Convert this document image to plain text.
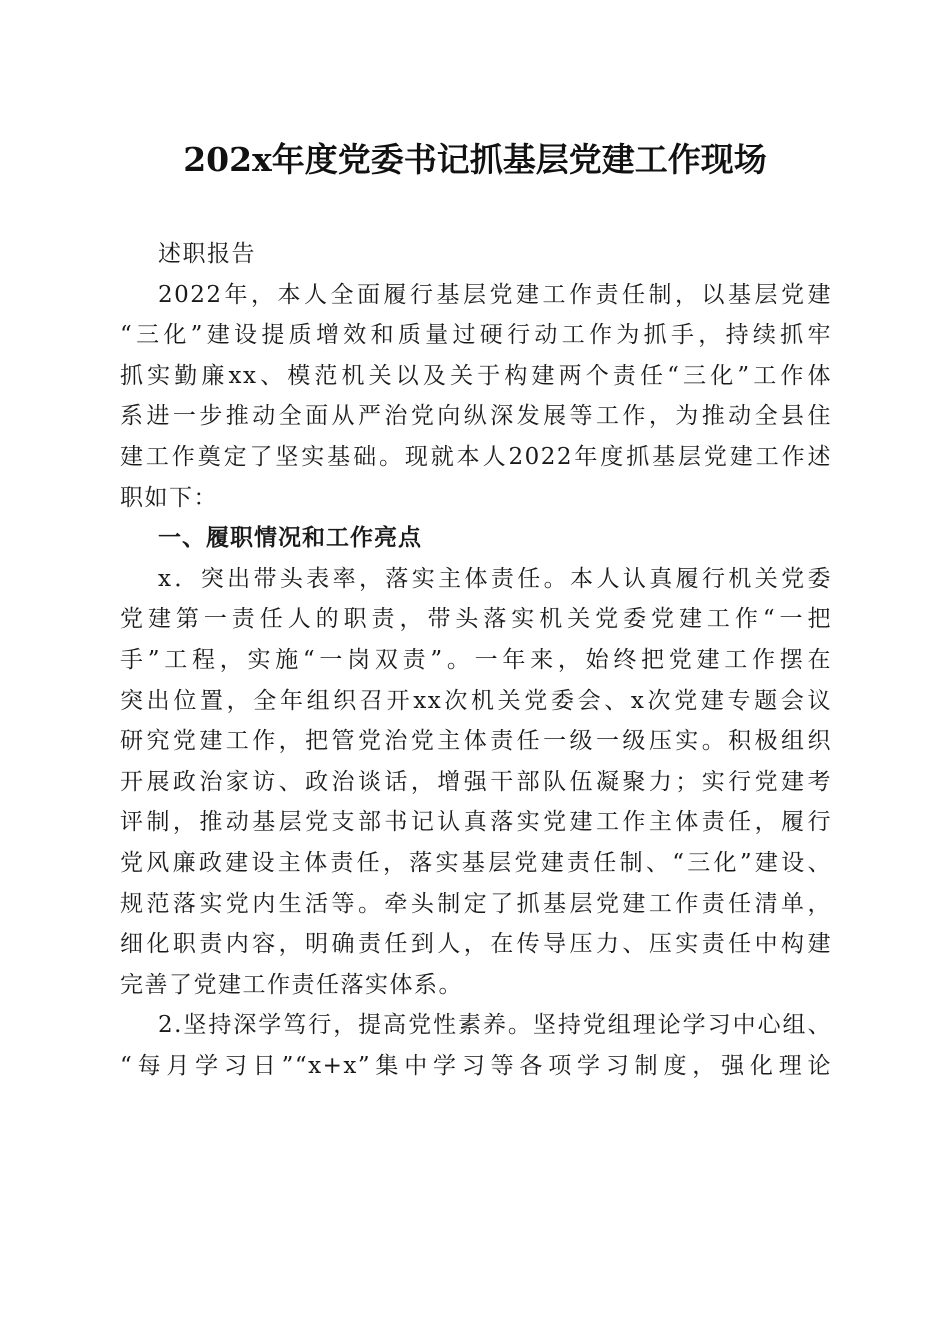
202x年度党委书记抓基层党建工作现场
述职报告
2022年，本人全面履行基层党建工作责任制，以基层党建
“三化”建设提质增效和质量过硬行动工作为抓手，持续抓牢
抓实勤廉xx、模范机关以及关于构建两个责任“三化”工作体
系进一步推动全面从严治党向纵深发展等工作，为推动全县住
建工作奠定了坚实基础。现就本人2022年度抓基层党建工作述
职如下：
一、履职情况和工作亮点
x．突出带头表率，落实主体责任。本人认真履行机关党委
党建第一责任人的职责，带头落实机关党委党建工作“一把
手”工程，实施“一岗双责”。一年来，始终把党建工作摆在
突出位置，全年组织召开xx次机关党委会、x次党建专题会议
研究党建工作，把管党治党主体责任一级一级压实。积极组织
开展政治家访、政治谈话，增强干部队伍凝聚力；实行党建考
评制，推动基层党支部书记认真落实党建工作主体责任，履行
党风廉政建设主体责任，落实基层党建责任制、“三化”建设、
规范落实党内生活等。牵头制定了抓基层党建工作责任清单，
细化职责内容，明确责任到人，在传导压力、压实责任中构建
完善了党建工作责任落实体系。
2.坚持深学笃行，提高党性素养。坚持党组理论学习中心组、
“每月学习日”“x+x”集中学习等各项学习制度，强化理论
